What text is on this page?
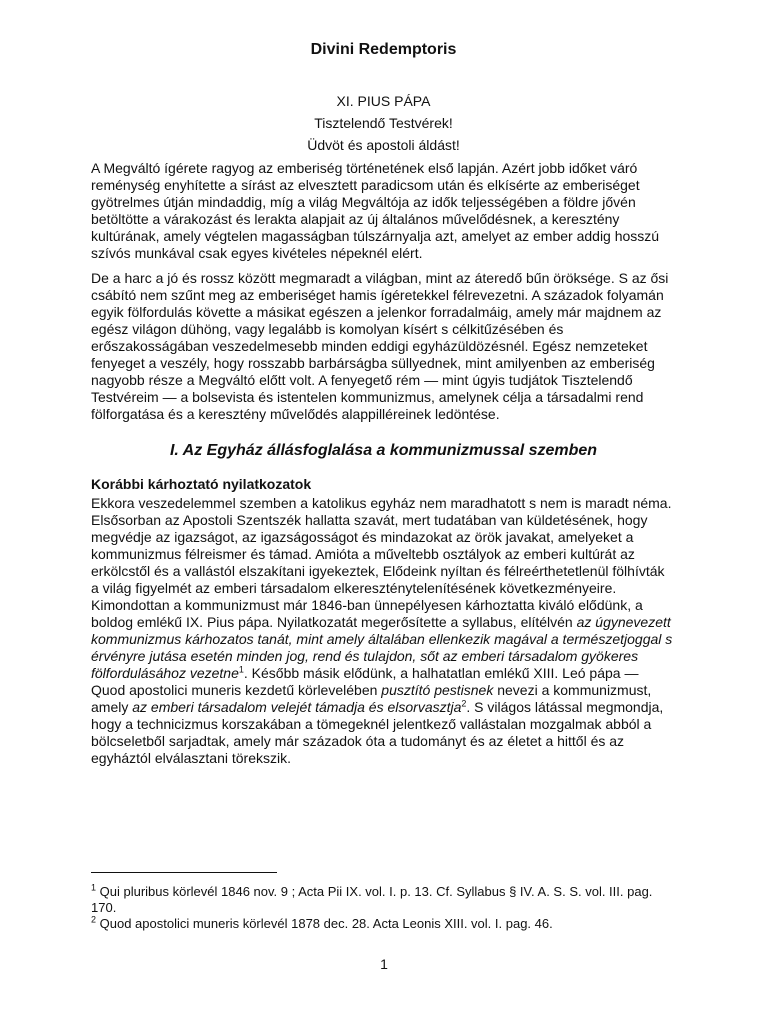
Divini Redemptoris

XI. PIUS PÁPA

Tisztelendő Testvérek!

Üdvöt és apostoli áldást!

A Megváltó ígérete ragyog az emberiség történetének első lapján. Azért jobb időket váró reménység enyhítette a sírást az elvesztett paradicsom után és elkísérte az emberiséget gyötrelmes útján mindaddig, míg a világ Megváltója az idők teljességében a földre jővén betöltötte a várakozást és lerakta alapjait az új általános művelődésnek, a keresztény kultúrának, amely végtelen magasságban túlszárnyalja azt, amelyet az ember addig hosszú szívós munkával csak egyes kivételes népeknél elért.

De a harc a jó és rossz között megmaradt a világban, mint az áteredő bűn öröksége. S az ősi csábító nem szűnt meg az emberiséget hamis ígéretekkel félrevezetni. A századok folyamán egyik fölfordulás követte a másikat egészen a jelenkor forradalmáig, amely már majdnem az egész világon dühöng, vagy legalább is komolyan kísért s célkitűzésében és erőszakosságában veszedelmesebb minden eddigi egyházüldözésnél. Egész nemzeteket fenyeget a veszély, hogy rosszabb barbárságba süllyednek, mint amilyenben az emberiség nagyobb része a Megváltó előtt volt. A fenyegető rém — mint úgyis tudjátok Tisztelendő Testvéreim — a bolsevista és istentelen kommunizmus, amelynek célja a társadalmi rend fölforgatása és a keresztény művelődés alappilléreinek ledöntése.

I. Az Egyház állásfoglalása a kommunizmussal szemben
Korábbi kárhoztató nyilatkozatok

Ekkora veszedelemmel szemben a katolikus egyház nem maradhatott s nem is maradt néma. Elsősorban az Apostoli Szentszék hallatta szavát, mert tudatában van küldetésének, hogy megvédje az igazságot, az igazságosságot és mindazokat az örök javakat, amelyeket a kommunizmus félreismer és támad. Amióta a műveltebb osztályok az emberi kultúrát az erkölcstől és a vallástól elszakítani igyekeztek, Elődeink nyíltan és félreérthetetlenül fölhívták a világ figyelmét az emberi társadalom elkereszténytelenítésének következményeire. Kimondottan a kommunizmust már 1846-ban ünnepélyesen kárhoztatta kiváló elődünk, a boldog emlékű IX. Pius pápa. Nyilatkozatát megerősítette a syllabus, elítélvén az úgynevezett kommunizmus kárhozatos tanát, mint amely általában ellenkezik magával a természetjoggal s érvényre jutása esetén minden jog, rend és tulajdon, sőt az emberi társadalom gyökeres fölfordulásához vezetne$^1$. Később másik elődünk, a halhatatlan emlékű XIII. Leó pápa — Quod apostolici muneris kezdetű körlevelében pusztító pestisnek nevezi a kommunizmust, amely az emberi társadalom velejét támadja és elsorvasztja$^2$. S világos látással megmondja, hogy a technicizmus korszakában a tömegeknél jelentkező vallástalan mozgalmak abból a bölcseletből sarjadtak, amely már századok óta a tudományt és az életet a hittől és az egyháztól elválasztani törekszik.

$^1$ Qui pluribus körlevél 1846 nov. 9 ; Acta Pii IX. vol. I. p. 13. Cf. Syllabus § IV. A. S. S. vol. III. pag. 170.

$^2$ Quod apostolici muneris körlevél 1878 dec. 28. Acta Leonis XIII. vol. I. pag. 46.

1
